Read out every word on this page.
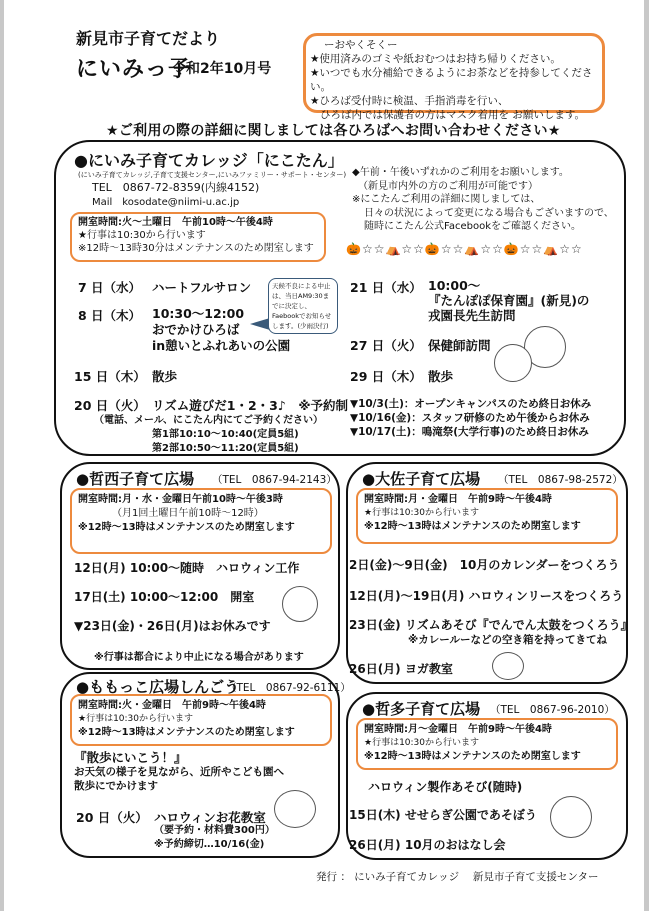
新見市子育てだより
にいみっ子
令和2年10月号
ーおやくそくー
★使用済みのゴミや紙おむつはお持ち帰りください。
★いつでも水分補給できるようにお茶などを持参してください。
★ひろば受付時に検温、手指消毒を行い、
ひろば内では保護者の方はマスク着用を お願いします。
★ご利用の際の詳細に関しましては各ひろばへお問い合わせください★
●にいみ子育てカレッジ「にこたん」
(にいみ子育てカレッジ,子育て支援センター,にいみファミリー・サポート・センター)
TEL　0867-72-8359(内線4152)
Mail　kosodate@niimi-u.ac.jp
開室時間:火～土曜日　午前10時～午後4時
★行事は10:30から行います
※12時～13時30分はメンテナンスのため閉室します
◆午前・午後いずれかのご利用をお願いします。
（新見市内外の方のご利用が可能です）
※にこたんご利用の詳細に関しましては、
日々の状況によって変更になる場合もございますので、
随時にこたん公式Facebookをご確認ください。
🎃☆☆⛺☆☆🎃☆☆⛺☆☆🎃☆☆⛺☆☆
7 日（水） ハートフルサロン
8 日（木） 10:30～12:00
おでかけひろば
in憩いとふれあいの公園
天候不良による中止は、当日AM9:30までに決定し、Faebookでお知らせします。(少雨決行)
15 日（木） 散歩
20 日（火） リズム遊びだ1・2・3♪　※予約制
（電話、メール、にこたん内にてご予約ください）
第1部10:10～10:40(定員5組)
第2部10:50～11:20(定員5組)
21 日（水） 10:00～
『たんぽぽ保育園』(新見)の
戎園長先生訪問
27 日（火） 保健師訪問
29 日（木） 散歩
▼10/3(土)：オープンキャンパスのため終日お休み
▼10/16(金)：スタッフ研修のため午後からお休み
▼10/17(土)：鳴滝祭(大学行事)のため終日お休み
●哲西子育て広場 （TEL　0867-94-2143）
開室時間:月・水・金曜日午前10時～午後3時
（月1回土曜日午前10時～12時）
※12時～13時はメンテナンスのため閉室します
12日(月) 10:00～随時　ハロウィン工作
17日(土) 10:00～12:00　開室
▼23日(金)・26日(月)はお休みです
※行事は都合により中止になる場合があります
●大佐子育て広場 （TEL　0867-98-2572）
開室時間:月・金曜日　午前9時～午後4時
★行事は10:30から行います
※12時～13時はメンテナンスのため閉室します
2日(金)～9日(金)　10月のカレンダーをつくろう
12日(月)～19日(月) ハロウィンリースをつくろう
23日(金) リズムあそび『でんでん太鼓をつくろう』
※カレールーなどの空き箱を持ってきてね
26日(月) ヨガ教室
●ももっこ広場しんごう
（TEL　0867-92-6111）
開室時間:火・金曜日　午前9時～午後4時
★行事は10:30から行います
※12時～13時はメンテナンスのため閉室します
『散歩にいこう！』
お天気の様子を見ながら、近所やこども園へ
散歩にでかけます
20 日（火） ハロウィンお花教室
（要予約・材料費300円）
※予約締切…10/16(金)
●哲多子育て広場 （TEL　0867-96-2010）
開室時間:月～金曜日　午前9時～午後4時
★行事は10:30から行います
※12時～13時はメンテナンスのため閉室します
ハロウィン製作あそび(随時)
15日(木) せせらぎ公園であそぼう
26日(月) 10月のおはなし会
発行 ： にいみ子育てカレッジ　 新見市子育て支援センター
